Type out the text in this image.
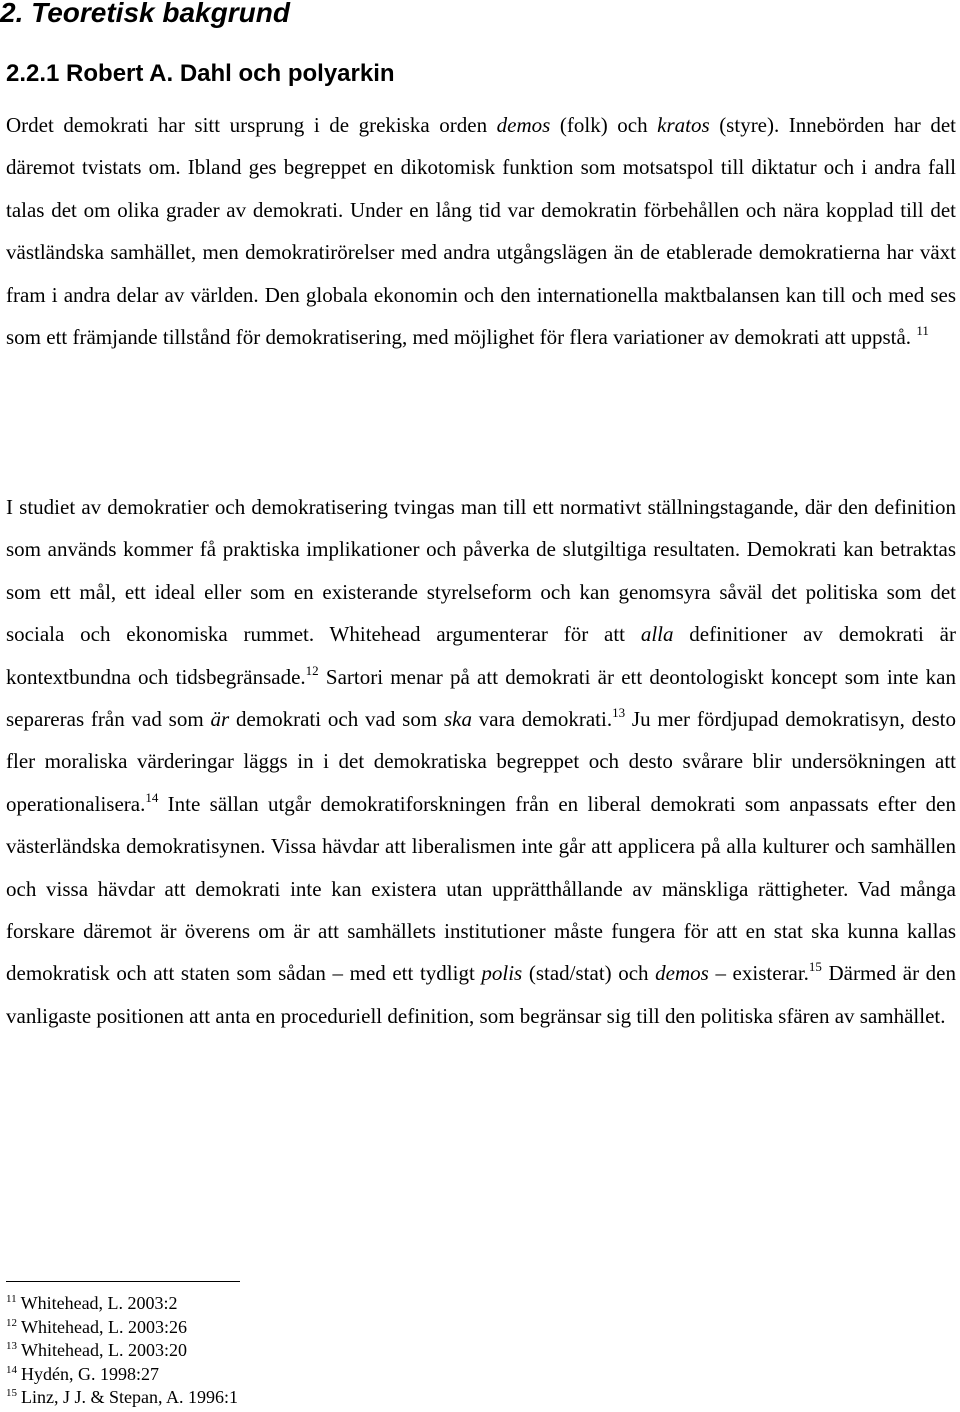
2. Teoretisk bakgrund
2.2.1 Robert A. Dahl och polyarkin

Ordet demokrati har sitt ursprung i de grekiska orden demos (folk) och kratos (styre). Innebörden har det däremot tvistats om. Ibland ges begreppet en dikotomisk funktion som motsatspol till diktatur och i andra fall talas det om olika grader av demokrati. Under en lång tid var demokratin förbehållen och nära kopplad till det västländska samhället, men demokratirörelser med andra utgångslägen än de etablerade demokratierna har växt fram i andra delar av världen. Den globala ekonomin och den internationella maktbalansen kan till och med ses som ett främjande tillstånd för demokratisering, med möjlighet för flera variationer av demokrati att uppstå. $^{11}$

I studiet av demokratier och demokratisering tvingas man till ett normativt ställningstagande, där den definition som används kommer få praktiska implikationer och påverka de slutgiltiga resultaten. Demokrati kan betraktas som ett mål, ett ideal eller som en existerande styrelseform och kan genomsyra såväl det politiska som det sociala och ekonomiska rummet. Whitehead argumenterar för att alla definitioner av demokrati är kontextbundna och tidsbegränsade.$^{12}$ Sartori menar på att demokrati är ett deontologiskt koncept som inte kan separeras från vad som är demokrati och vad som ska vara demokrati.$^{13}$ Ju mer fördjupad demokratisyn, desto fler moraliska värderingar läggs in i det demokratiska begreppet och desto svårare blir undersökningen att operationalisera.$^{14}$ Inte sällan utgår demokratiforskningen från en liberal demokrati som anpassats efter den västerländska demokratisynen. Vissa hävdar att liberalismen inte går att applicera på alla kulturer och samhällen och vissa hävdar att demokrati inte kan existera utan upprätthållande av mänskliga rättigheter. Vad många forskare däremot är överens om är att samhällets institutioner måste fungera för att en stat ska kunna kallas demokratisk och att staten som sådan – med ett tydligt polis (stad/stat) och demos – existerar.$^{15}$ Därmed är den vanligaste positionen att anta en proceduriell definition, som begränsar sig till den politiska sfären av samhället.

$^{11}$ Whitehead, L. 2003:2
$^{12}$ Whitehead, L. 2003:26
$^{13}$ Whitehead, L. 2003:20
$^{14}$ Hydén, G. 1998:27
$^{15}$ Linz, J J. & Stepan, A. 1996:1
